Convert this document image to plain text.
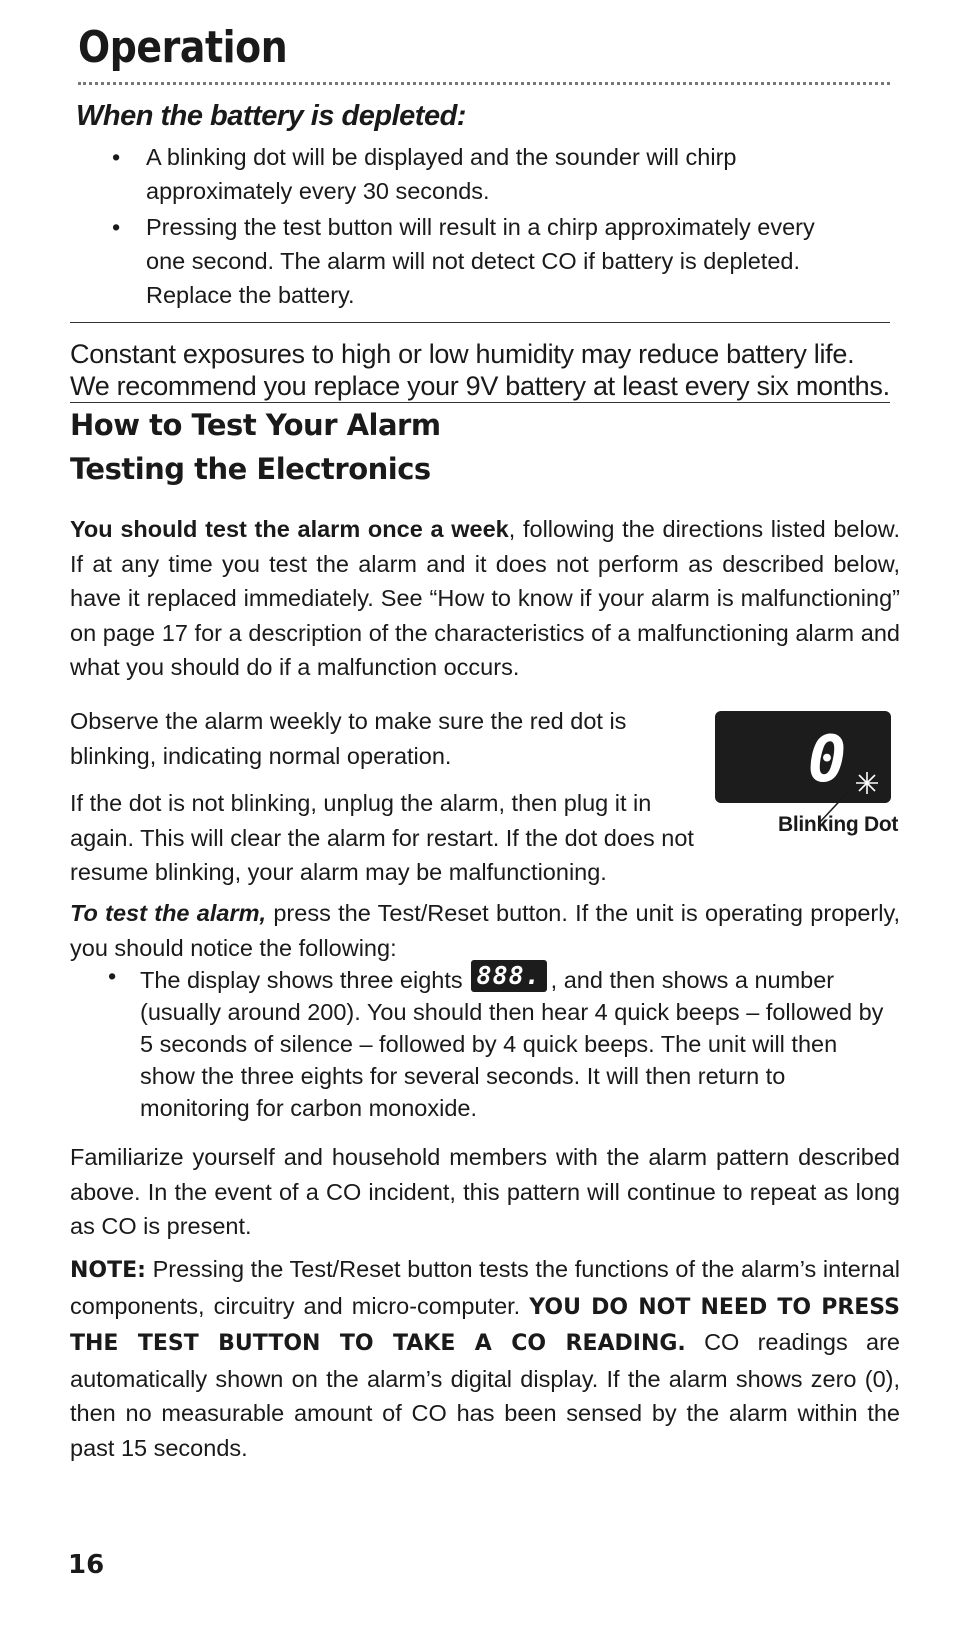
Operation
When the battery is depleted:
• A blinking dot will be displayed and the sounder will chirp approximately every 30 seconds.
• Pressing the test button will result in a chirp approximately every one second. The alarm will not detect CO if battery is depleted. Replace the battery.

Constant exposures to high or low humidity may reduce battery life. We recommend you replace your 9V battery at least every six months.

How to Test Your Alarm
Testing the Electronics

You should test the alarm once a week, following the directions listed below. If at any time you test the alarm and it does not perform as described below, have it replaced immediately. See “How to know if your alarm is malfunctioning” on page 17 for a description of the characteristics of a malfunctioning alarm and what you should do if a malfunction occurs.

Observe the alarm weekly to make sure the red dot is blinking, indicating normal operation.

If the dot is not blinking, unplug the alarm, then plug it in again. This will clear the alarm for restart. If the dot does not resume blinking, your alarm may be malfunctioning.

0

Blinking Dot

To test the alarm, press the Test/Reset button. If the unit is operating properly, you should notice the following:

• The display shows three eights 888. , and then shows a number (usually around 200). You should then hear 4 quick beeps – followed by 5 seconds of silence – followed by 4 quick beeps. The unit will then show the three eights for several seconds. It will then return to monitoring for carbon monoxide.

Familiarize yourself and household members with the alarm pattern described above. In the event of a CO incident, this pattern will continue to repeat as long as CO is present.

NOTE: Pressing the Test/Reset button tests the functions of the alarm’s internal components, circuitry and micro-computer. YOU DO NOT NEED TO PRESS THE TEST BUTTON TO TAKE A CO READING. CO readings are automatically shown on the alarm’s digital display. If the alarm shows zero (0), then no measurable amount of CO has been sensed by the alarm within the past 15 seconds.

16
